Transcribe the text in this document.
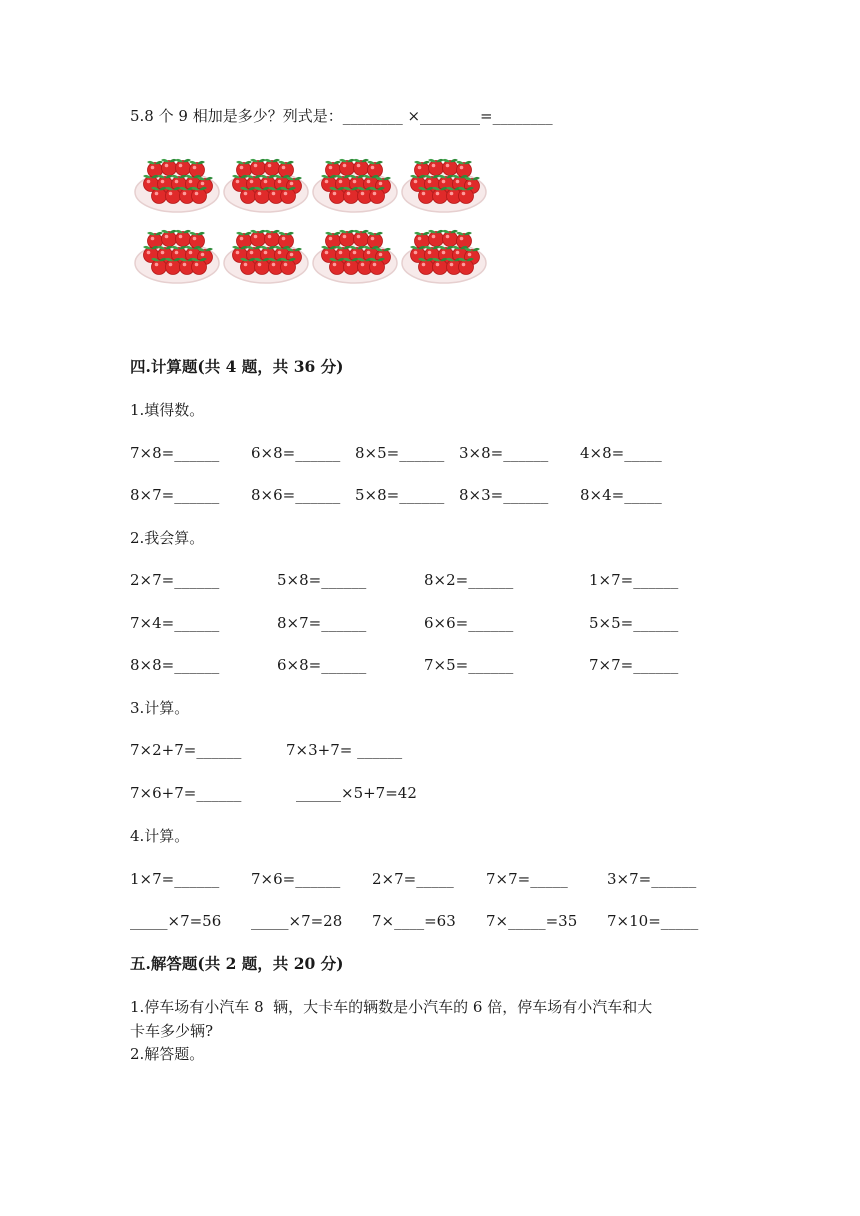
5.8 个 9 相加是多少？列式是：________ ×________=________
四.计算题(共 4 题，共 36 分)
1.填得数。
7×8=______ 6×8=______ 8×5=______ 3×8=______ 4×8=_____
8×7=______ 8×6=______ 5×8=______ 8×3=______ 8×4=_____
2.我会算。
2×7=______	5×8=______	8×2=______	1×7=______
7×4=______	8×7=______	6×6=______	5×5=______
8×8=______	6×8=______	7×5=______	7×7=______
3.计算。
7×2+7=______	7×3+7= ______
7×6+7=______	______×5+7=42
4.计算。
1×7=______ 7×6=______ 2×7=_____ 7×7=_____	3×7=______
_____×7=56 _____×7=28 7×____=63 7×_____=35 7×10=_____
五.解答题(共 2 题，共 20 分)
1.停车场有小汽车 8  辆，大卡车的辆数是小汽车的 6 倍，停车场有小汽车和大
卡车多少辆?
2.解答题。
